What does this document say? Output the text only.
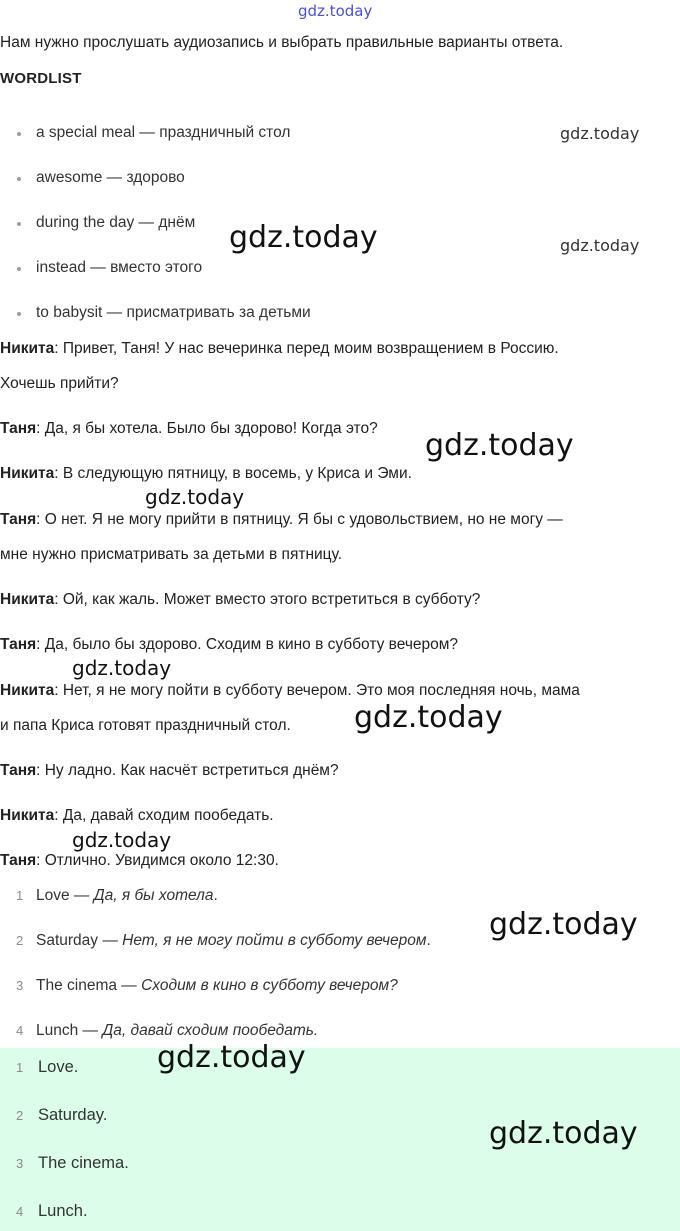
gdz.today
Нам нужно прослушать аудиозапись и выбрать правильные варианты ответа.
WORDLIST
a special meal — праздничный стол
awesome — здорово
during the day — днём
instead — вместо этого
to babysit — присматривать за детьми
Никита: Привет, Таня! У нас вечеринка перед моим возвращением в Россию.
Хочешь прийти?
Таня: Да, я бы хотела. Было бы здорово! Когда это?
Никита: В следующую пятницу, в восемь, у Криса и Эми.
Таня: О нет. Я не могу прийти в пятницу. Я бы с удовольствием, но не могу —
мне нужно присматривать за детьми в пятницу.
Никита: Ой, как жаль. Может вместо этого встретиться в субботу?
Таня: Да, было бы здорово. Сходим в кино в субботу вечером?
Никита: Нет, я не могу пойти в субботу вечером. Это моя последняя ночь, мама
и папа Криса готовят праздничный стол.
Таня: Ну ладно. Как насчёт встретиться днём?
Никита: Да, давай сходим пообедать.
Таня: Отлично. Увидимся около 12:30.
1 Love — Да, я бы хотела.
2 Saturday — Нет, я не могу пойти в субботу вечером.
3 The cinema — Сходим в кино в субботу вечером?
4 Lunch — Да, давай сходим пообедать.
1 Love.
2 Saturday.
3 The cinema.
4 Lunch.
gdz.today
gdz.today
gdz.today
gdz.today
gdz.today
gdz.today
gdz.today
gdz.today
gdz.today
gdz.today
gdz.today
